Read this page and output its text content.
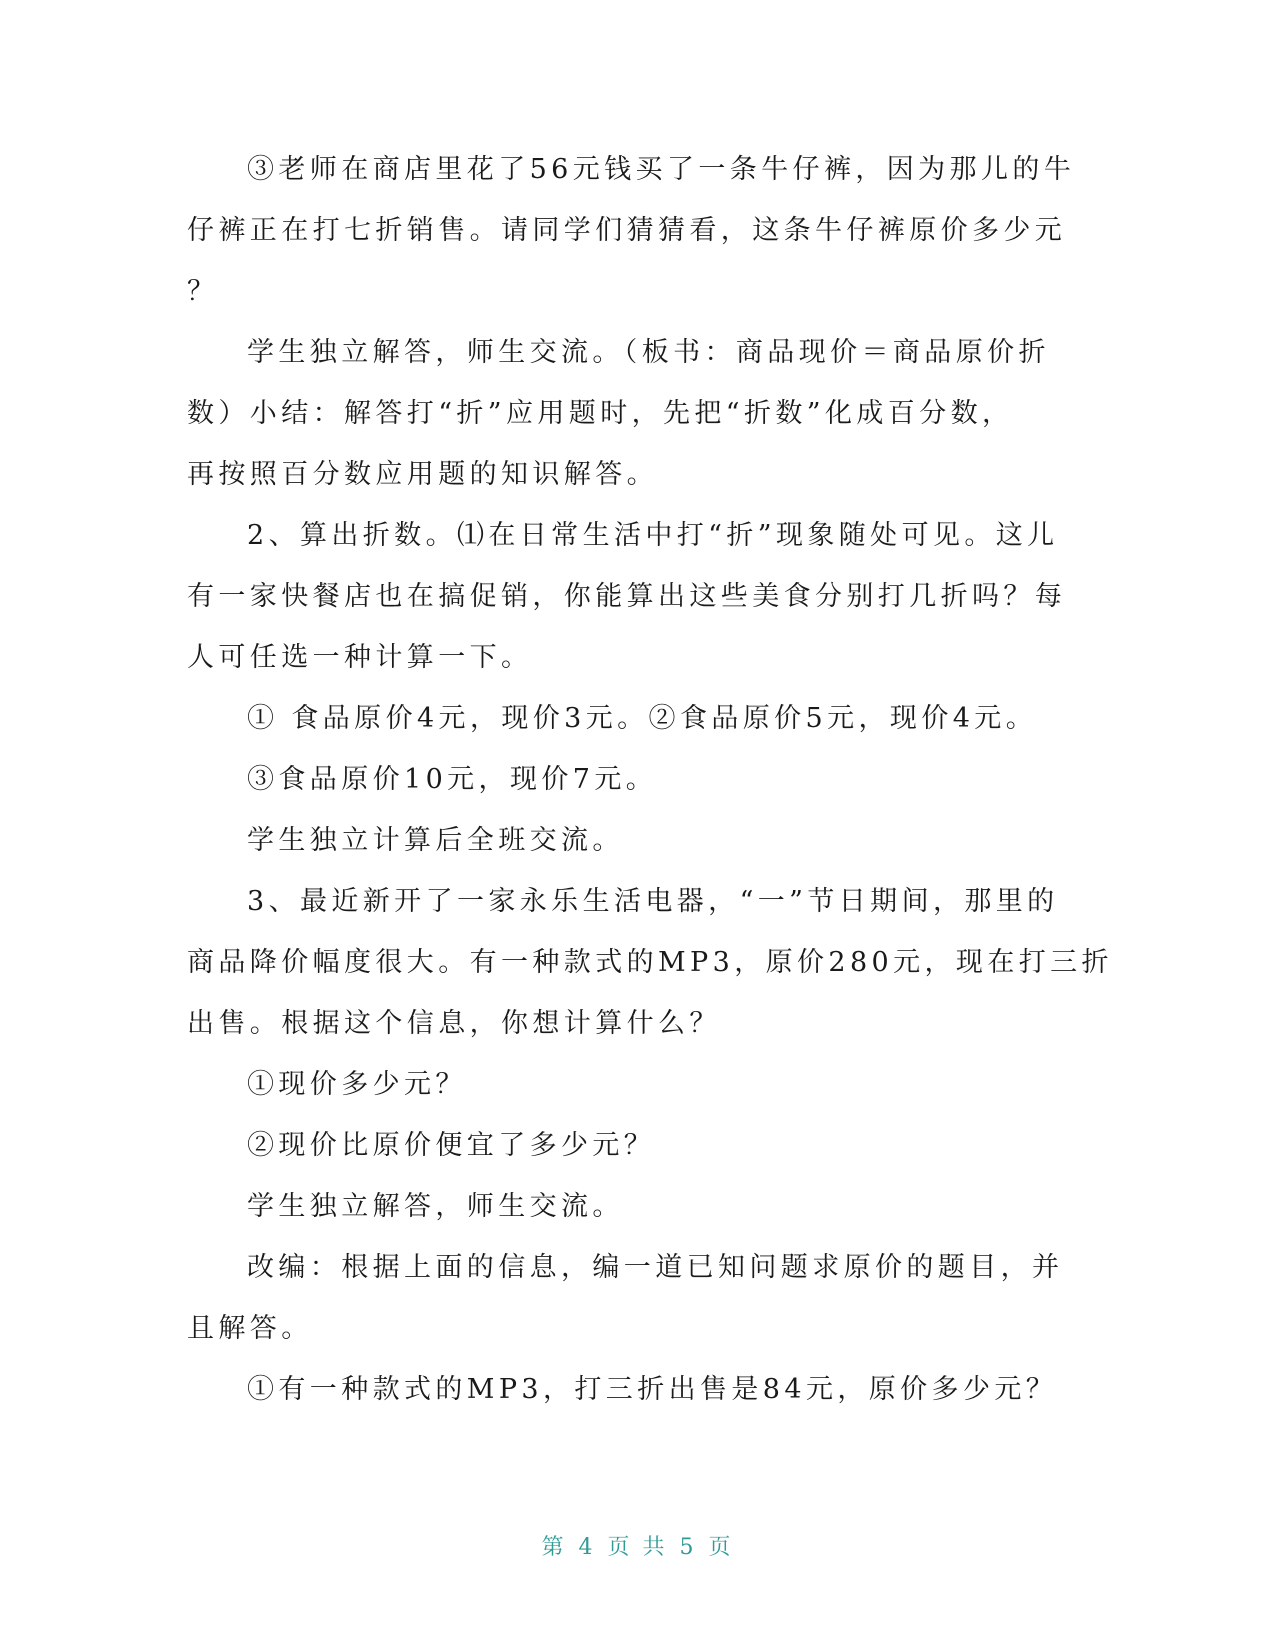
③老师在商店里花了56元钱买了一条牛仔裤，因为那儿的牛
仔裤正在打七折销售。请同学们猜猜看，这条牛仔裤原价多少元
？
学生独立解答，师生交流。（板书：商品现价＝商品原价折
数）小结：解答打“折”应用题时，先把“折数”化成百分数，
再按照百分数应用题的知识解答。
2、算出折数。⑴在日常生活中打“折”现象随处可见。这儿
有一家快餐店也在搞促销，你能算出这些美食分别打几折吗？每
人可任选一种计算一下。
① 食品原价4元，现价3元。②食品原价5元，现价4元。
③食品原价10元，现价7元。
学生独立计算后全班交流。
3、最近新开了一家永乐生活电器，“一”节日期间，那里的
商品降价幅度很大。有一种款式的MP3，原价280元，现在打三折
出售。根据这个信息，你想计算什么？
①现价多少元？
②现价比原价便宜了多少元？
学生独立解答，师生交流。
改编：根据上面的信息，编一道已知问题求原价的题目，并
且解答。
①有一种款式的MP3，打三折出售是84元，原价多少元？
第 4 页 共 5 页
